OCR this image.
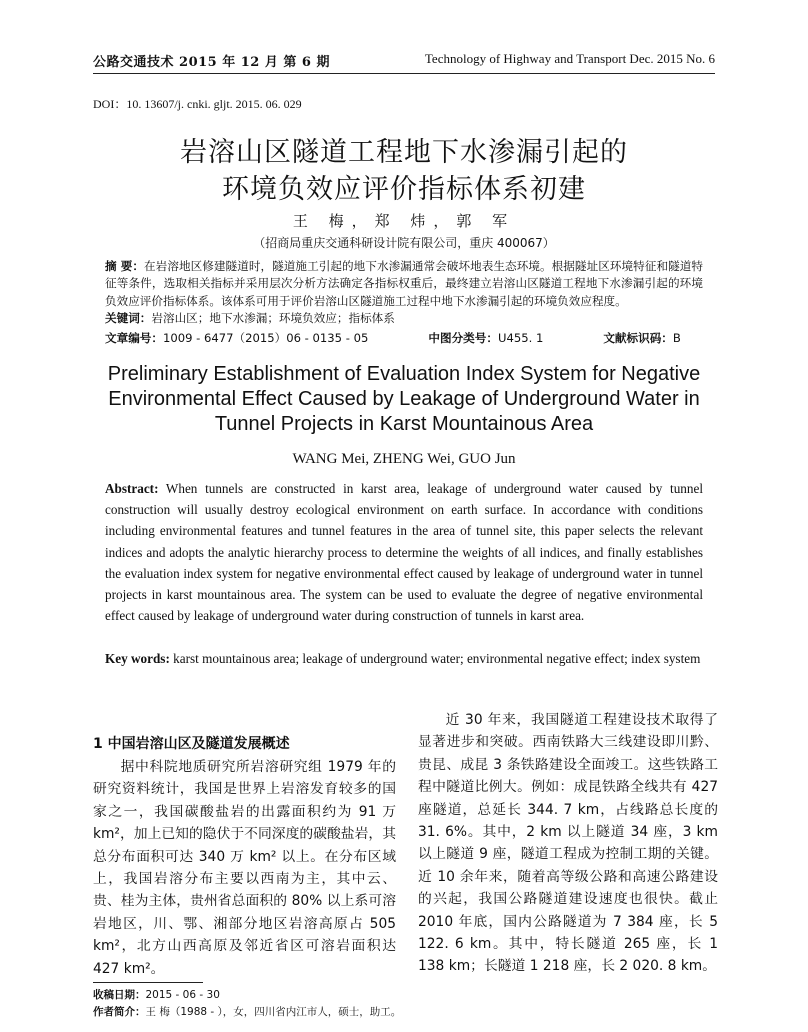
公路交通技术 2015 年 12 月 第 6 期	Technology of Highway and Transport Dec. 2015 No. 6
DOI：10. 13607/j. cnki. gljt. 2015. 06. 029
岩溶山区隧道工程地下水渗漏引起的
环境负效应评价指标体系初建
王 梅，郑 炜，郭 军
（招商局重庆交通科研设计院有限公司，重庆 400067）
摘 要：在岩溶地区修建隧道时，隧道施工引起的地下水渗漏通常会破坏地表生态环境。根据隧址区环境特征和隧道特征等条件，选取相关指标并采用层次分析方法确定各指标权重后，最终建立岩溶山区隧道工程地下水渗漏引起的环境负效应评价指标体系。该体系可用于评价岩溶山区隧道施工过程中地下水渗漏引起的环境负效应程度。
关键词：岩溶山区；地下水渗漏；环境负效应；指标体系
文章编号：1009 - 6477（2015）06 - 0135 - 05	中图分类号：U455. 1	文献标识码：B
Preliminary Establishment of Evaluation Index System for Negative
Environmental Effect Caused by Leakage of Underground Water in
Tunnel Projects in Karst Mountainous Area
WANG Mei, ZHENG Wei, GUO Jun
Abstract: When tunnels are constructed in karst area, leakage of underground water caused by tunnel construction will usually destroy ecological environment on earth surface. In accordance with conditions including environmental features and tunnel features in the area of tunnel site, this paper selects the relevant indices and adopts the analytic hierarchy process to determine the weights of all indices, and finally establishes the evaluation index system for negative environmental effect caused by leakage of underground water in tunnel projects in karst mountainous area. The system can be used to evaluate the degree of negative environmental effect caused by leakage of underground water during construction of tunnels in karst area.
Key words: karst mountainous area; leakage of underground water; environmental negative effect; index system
1 中国岩溶山区及隧道发展概述
据中科院地质研究所岩溶研究组 1979 年的研究资料统计，我国是世界上岩溶发育较多的国家之一，我国碳酸盐岩的出露面积约为 91 万 km²，加上已知的隐伏于不同深度的碳酸盐岩，其总分布面积可达 340 万 km² 以上。在分布区域上，我国岩溶分布主要以西南为主，其中云、贵、桂为主体，贵州省总面积的 80% 以上系可溶岩地区，川、鄂、湘部分地区岩溶高原占 505 km²，北方山西高原及邻近省区可溶岩面积达 427 km²。
近 30 年来，我国隧道工程建设技术取得了显著进步和突破。西南铁路大三线建设即川黔、贵昆、成昆 3 条铁路建设全面竣工。这些铁路工程中隧道比例大。例如：成昆铁路全线共有 427 座隧道，总延长 344. 7 km，占线路总长度的 31. 6%。其中，2 km 以上隧道 34 座，3 km 以上隧道 9 座，隧道工程成为控制工期的关键。近 10 余年来，随着高等级公路和高速公路建设的兴起，我国公路隧道建设速度也很快。截止 2010 年底，国内公路隧道为 7 384 座，长 5 122. 6 km。其中，特长隧道 265 座，长 1 138 km；长隧道 1 218 座，长 2 020. 8 km。
收稿日期：2015 - 06 - 30
作者简介：王 梅（1988 - ），女，四川省内江市人，硕士，助工。
